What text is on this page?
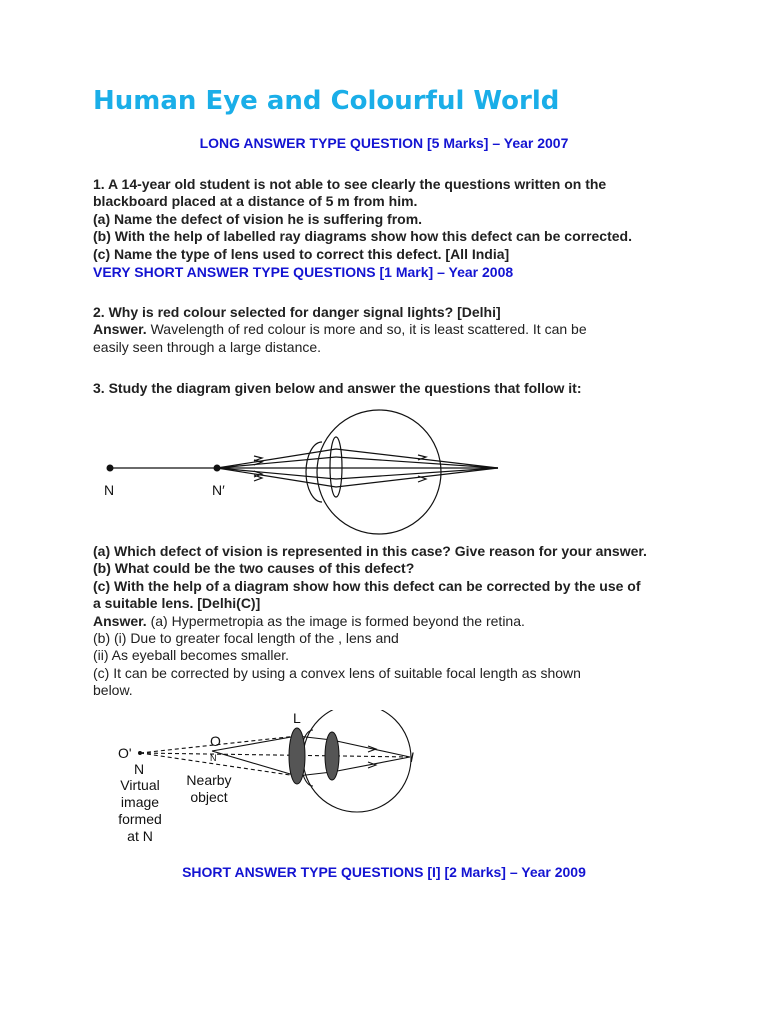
Human Eye and Colourful World

LONG ANSWER TYPE QUESTION [5 Marks] – Year 2007

1. A 14-year old student is not able to see clearly the questions written on the
blackboard placed at a distance of 5 m from him.
(a) Name the defect of vision he is suffering from.
(b) With the help of labelled ray diagrams show how this defect can be corrected.
(c) Name the type of lens used to correct this defect. [All India]

VERY SHORT ANSWER TYPE QUESTIONS [1 Mark] – Year 2008

2. Why is red colour selected for danger signal lights? [Delhi]
Answer. Wavelength of red colour is more and so, it is least scattered. It can be
easily seen through a large distance.
3. Study the diagram given below and answer the questions that follow it:
N	N′
(a) Which defect of vision is represented in this case? Give reason for your answer.
(b) What could be the two causes of this defect?
(c) With the help of a diagram show how this defect can be corrected by the use of
a suitable lens. [Delhi(C)]
Answer. (a) Hypermetropia as the image is formed beyond the retina.
(b) (i) Due to greater focal length of the , lens and
(ii) As eyeball becomes smaller.
(c) It can be corrected by using a convex lens of suitable focal length as shown
below.
O'
N
O
N
L
I
Virtual
image
formed
at N
Nearby
object

SHORT ANSWER TYPE QUESTIONS [I] [2 Marks] – Year 2009
